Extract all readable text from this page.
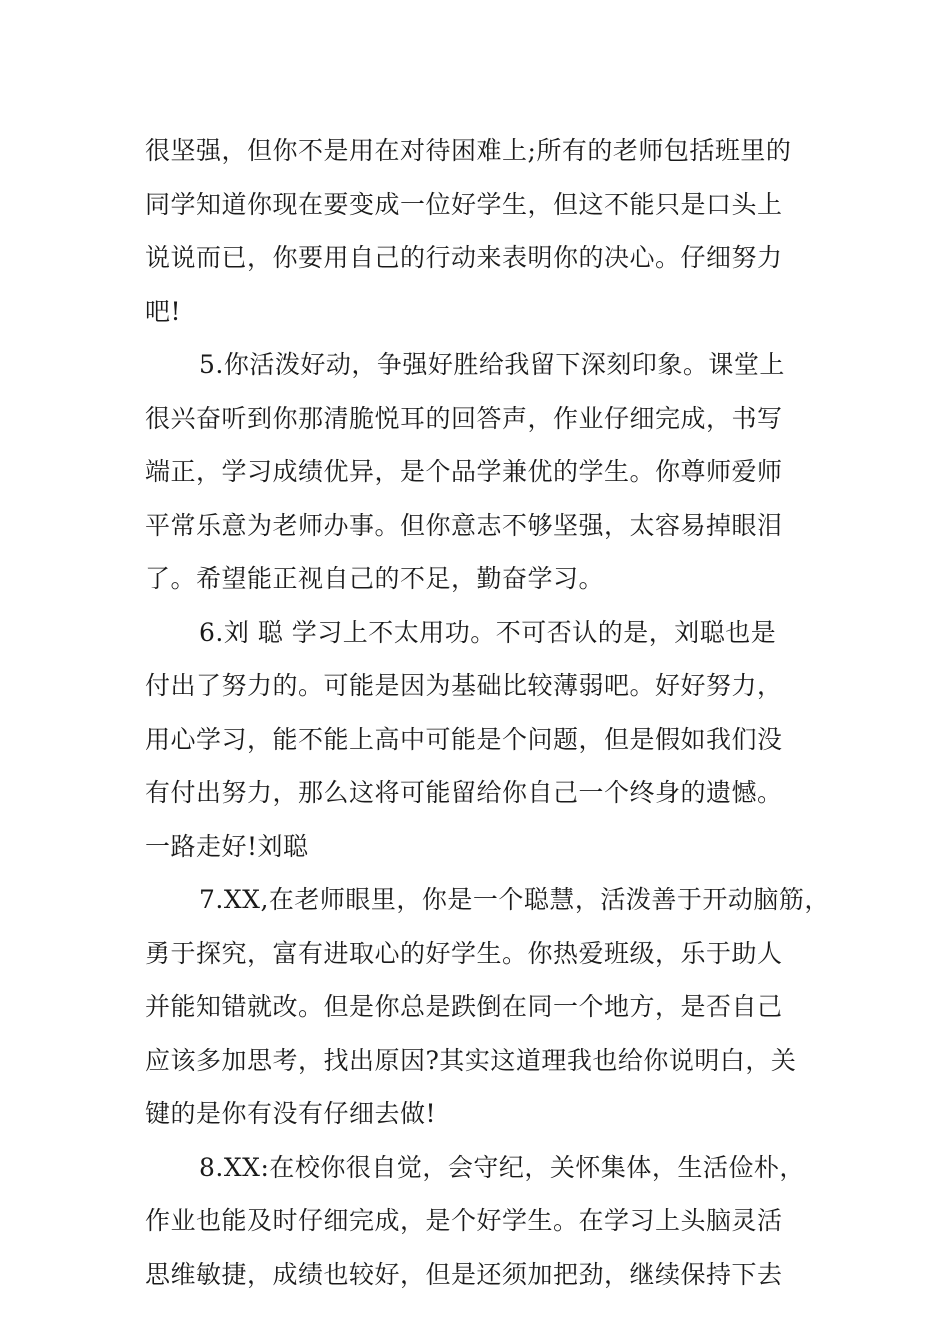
很坚强，但你不是用在对待困难上;所有的老师包括班里的
同学知道你现在要变成一位好学生，但这不能只是口头上
说说而已，你要用自己的行动来表明你的决心。仔细努力
吧!
5.你活泼好动，争强好胜给我留下深刻印象。课堂上
很兴奋听到你那清脆悦耳的回答声，作业仔细完成，书写
端正，学习成绩优异，是个品学兼优的学生。你尊师爱师
平常乐意为老师办事。但你意志不够坚强，太容易掉眼泪
了。希望能正视自己的不足，勤奋学习。
6.刘 聪 学习上不太用功。不可否认的是，刘聪也是
付出了努力的。可能是因为基础比较薄弱吧。好好努力，
用心学习，能不能上高中可能是个问题，但是假如我们没
有付出努力，那么这将可能留给你自己一个终身的遗憾。
一路走好!刘聪
7.XX,在老师眼里，你是一个聪慧，活泼善于开动脑筋，
勇于探究，富有进取心的好学生。你热爱班级，乐于助人
并能知错就改。但是你总是跌倒在同一个地方，是否自己
应该多加思考，找出原因?其实这道理我也给你说明白，关
键的是你有没有仔细去做!
8.XX:在校你很自觉，会守纪，关怀集体，生活俭朴，
作业也能及时仔细完成，是个好学生。在学习上头脑灵活
思维敏捷，成绩也较好，但是还须加把劲，继续保持下去
